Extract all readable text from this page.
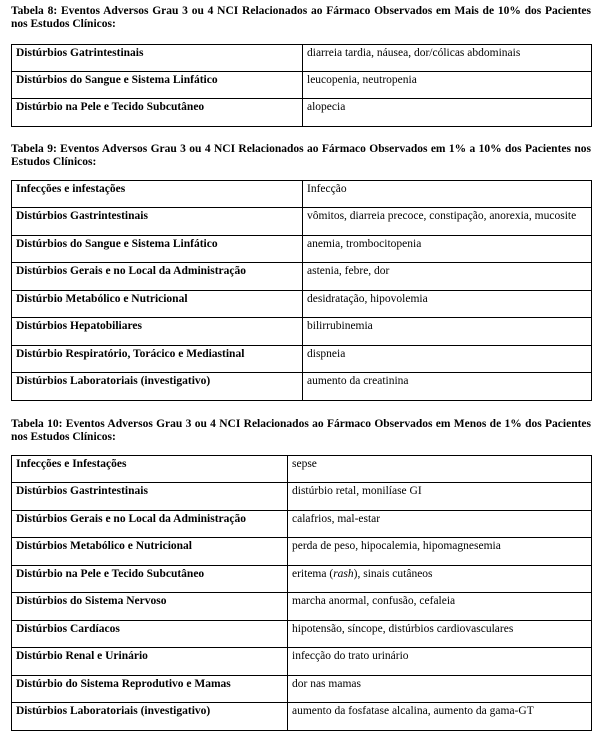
Tabela 8: Eventos Adversos Grau 3 ou 4 NCI Relacionados ao Fármaco Observados em Mais de 10% dos Pacientes nos Estudos Clínicos:
Distúrbios Gatrintestinais	diarreia tardia, náusea, dor/cólicas abdominais
Distúrbios do Sangue e Sistema Linfático	leucopenia, neutropenia
Distúrbio na Pele e Tecido Subcutâneo	alopecia
Tabela 9: Eventos Adversos Grau 3 ou 4 NCI Relacionados ao Fármaco Observados em 1% a 10% dos Pacientes nos Estudos Clínicos:
Infecções e infestações	Infecção
Distúrbios Gastrintestinais	vômitos, diarreia precoce, constipação, anorexia, mucosite
Distúrbios do Sangue e Sistema Linfático	anemia, trombocitopenia
Distúrbios Gerais e no Local da Administração	astenia, febre, dor
Distúrbio Metabólico e Nutricional	desidratação, hipovolemia
Distúrbios Hepatobiliares	bilirrubinemia
Distúrbio Respiratório, Torácico e Mediastinal	dispneia
Distúrbios Laboratoriais (investigativo)	aumento da creatinina
Tabela 10: Eventos Adversos Grau 3 ou 4 NCI Relacionados ao Fármaco Observados em Menos de 1% dos Pacientes nos Estudos Clínicos:
Infecções e Infestações	sepse
Distúrbios Gastrintestinais	distúrbio retal, monilíase GI
Distúrbios Gerais e no Local da Administração	calafrios, mal-estar
Distúrbios Metabólico e Nutricional	perda de peso, hipocalemia, hipomagnesemia
Distúrbio na Pele e Tecido Subcutâneo	eritema (rash), sinais cutâneos
Distúrbios do Sistema Nervoso	marcha anormal, confusão, cefaleia
Distúrbios Cardíacos	hipotensão, síncope, distúrbios cardiovasculares
Distúrbio Renal e Urinário	infecção do trato urinário
Distúrbio do Sistema Reprodutivo e Mamas	dor nas mamas
Distúrbios Laboratoriais (investigativo)	aumento da fosfatase alcalina, aumento da gama-GT
